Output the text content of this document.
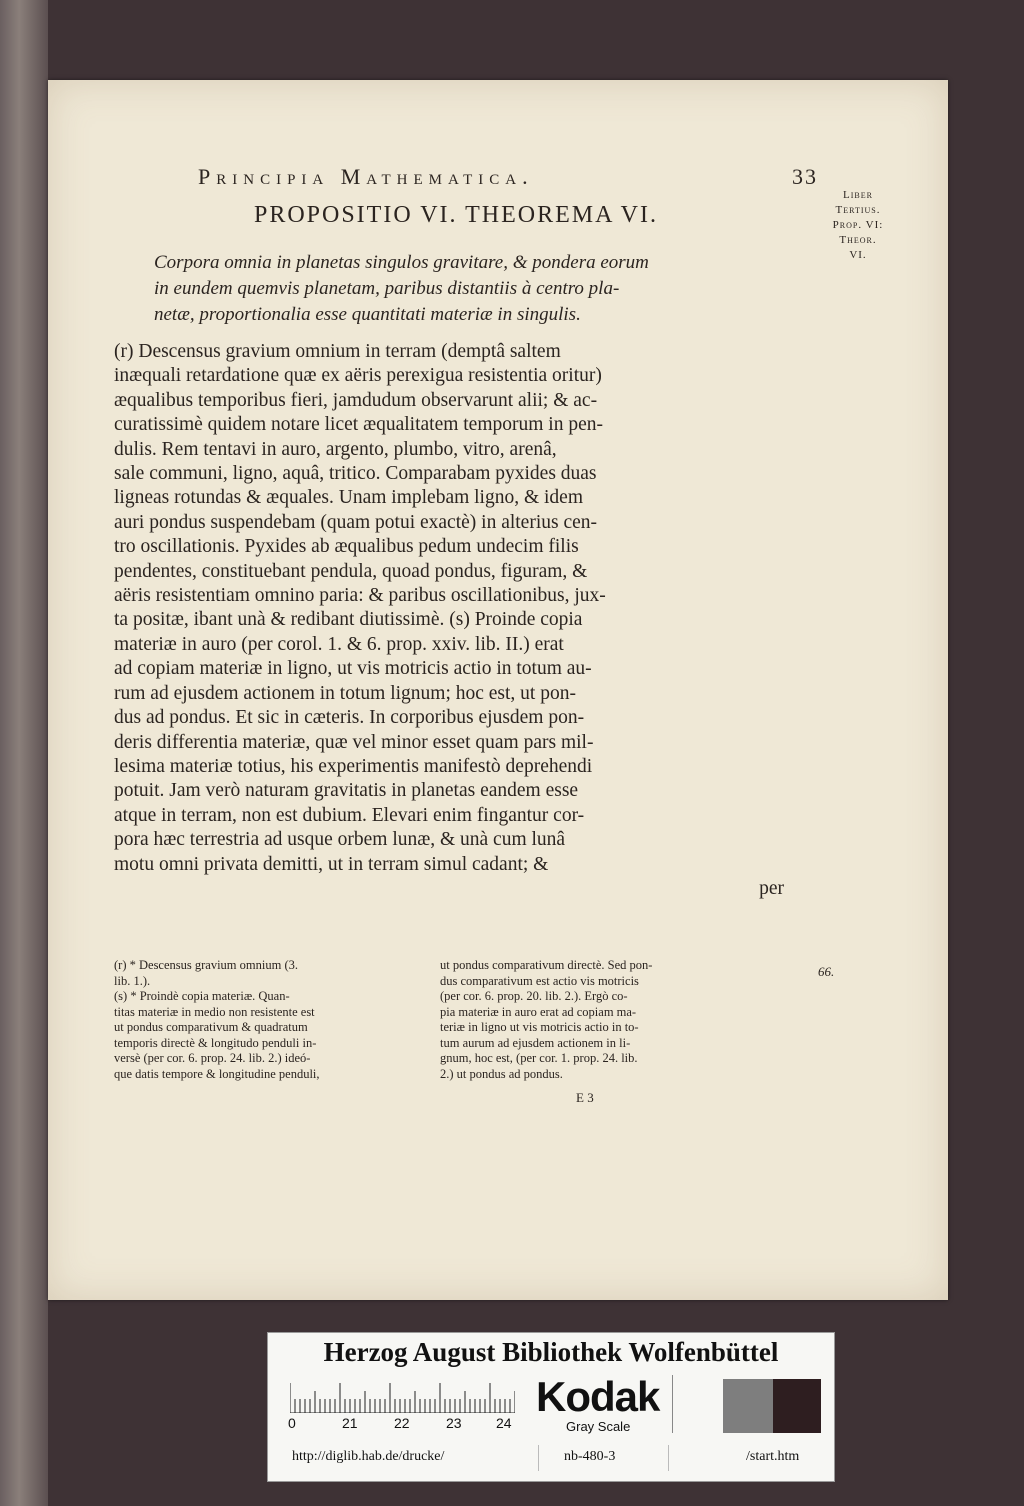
Principia Mathematica.	33
Liber
Tertius.
Prop. VI:
Theor.
VI.
PROPOSITIO VI. THEOREMA VI.
Corpora omnia in planetas singulos gravitare, & pondera eorum
in eundem quemvis planetam, paribus distantiis à centro pla-
netæ, proportionalia esse quantitati materiæ in singulis.
(r) Descensus gravium omnium in terram (demptâ saltem
inæquali retardatione quæ ex aëris perexigua resistentia oritur)
æqualibus temporibus fieri, jamdudum observarunt alii; & ac-
curatissimè quidem notare licet æqualitatem temporum in pen-
dulis. Rem tentavi in auro, argento, plumbo, vitro, arenâ,
sale communi, ligno, aquâ, tritico. Comparabam pyxides duas
ligneas rotundas & æquales. Unam implebam ligno, & idem
auri pondus suspendebam (quam potui exactè) in alterius cen-
tro oscillationis. Pyxides ab æqualibus pedum undecim filis
pendentes, constituebant pendula, quoad pondus, figuram, &
aëris resistentiam omnino paria: & paribus oscillationibus, jux-
ta positæ, ibant unà & redibant diutissimè. (s) Proinde copia
materiæ in auro (per corol. 1. & 6. prop. xxiv. lib. II.) erat
ad copiam materiæ in ligno, ut vis motricis actio in totum au-
rum ad ejusdem actionem in totum lignum; hoc est, ut pon-
dus ad pondus. Et sic in cæteris. In corporibus ejusdem pon-
deris differentia materiæ, quæ vel minor esset quam pars mil-
lesima materiæ totius, his experimentis manifestò deprehendi
potuit. Jam verò naturam gravitatis in planetas eandem esse
atque in terram, non est dubium. Elevari enim fingantur cor-
pora hæc terrestria ad usque orbem lunæ, & unà cum lunâ
motu omni privata demitti, ut in terram simul cadant; &
per
(r) * Descensus gravium omnium (3.
lib. 1.).
(s) * Proindè copia materiæ. Quan-
titas materiæ in medio non resistente est
ut pondus comparativum & quadratum
temporis directè & longitudo penduli in-
versè (per cor. 6. prop. 24. lib. 2.) ideó-
que datis tempore & longitudine penduli,
ut pondus comparativum directè. Sed pon-
dus comparativum est actio vis motricis
(per cor. 6. prop. 20. lib. 2.). Ergò co-
pia materiæ in auro erat ad copiam ma-
teriæ in ligno ut vis motricis actio in to-
tum aurum ad ejusdem actionem in li-
gnum, hoc est, (per cor. 1. prop. 24. lib.
2.) ut pondus ad pondus.
E 3
66.
Herzog August Bibliothek Wolfenbüttel
0	21	22	23 24
Kodak
Gray Scale
http://diglib.hab.de/drucke/	nb-480-3	/start.htm
